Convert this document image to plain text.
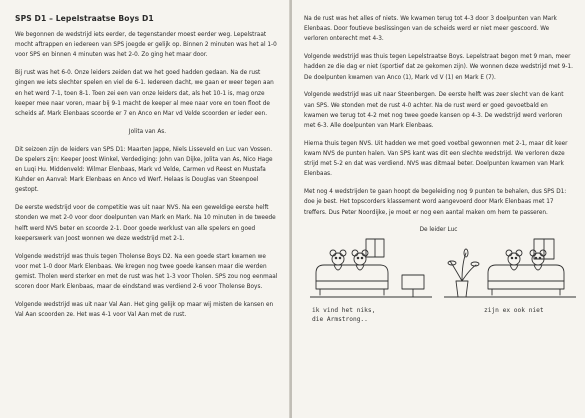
SPS D1 – Lepelstraatse Boys D1

We begonnen de wedstrijd iets eerder, de tegenstander moest eerder weg. Lepelstraat mocht aftrappen en iedereen van SPS joegde er gelijk op. Binnen 2 minuten was het al 1-0 voor SPS en binnen 4 minuten was het 2-0. Zo ging het maar door.

Bij rust was het 6-0. Onze leiders zeiden dat we het goed hadden gedaan. Na de rust gingen we iets slechter spelen en viel de 6-1. Iedereen dacht, we gaan er weer tegen aan en het werd 7-1, toen 8-1. Toen zei een van onze leiders dat, als het 10-1 is, mag onze keeper mee naar voren, maar bij 9-1 macht de keeper al mee naar vore en toen floot de scheids af. Mark Elenbaas scoorde er 7 en Anco en Mar vd Velde scoorden er ieder een.

Jolita van As.

Dit seizoen zijn de leiders van SPS D1: Maarten Jappe, Niels Lisseveld en Luc van Vossen. De spelers zijn: Keeper Joost Winkel, Verdediging: John van Dijke, Jolita van As, Nico Hage en Luqi Hu. Middenveld: Wilmar Elenbaas, Mark vd Velde, Carmen vd Reest en Mustafa Kuhder en Aanval: Mark Elenbaas en Anco vd Werf. Helaas is Douglas van Steenpoel gestopt.

De eerste wedstrijd voor de competitie was uit naar NVS. Na een geweldige eerste helft stonden we met 2-0 voor door doelpunten van Mark en Mark. Na 10 minuten in de tweede helft werd NVS beter en scoorde 2-1. Door goede werklust van alle spelers en goed keeperswerk van Joost wonnen we deze wedstrijd met 2-1.

Volgende wedstrijd was thuis tegen Tholense Boys D2. Na een goede start kwamen we voor met 1-0 door Mark Elenbaas. We kregen nog twee goede kansen maar die werden gemist. Tholen werd sterker en met de rust was het 1-3 voor Tholen. SPS zou nog eenmaal scoren door Mark Elenbaas, maar de eindstand was verdiend 2-6 voor Tholense Boys.

Volgende wedstrijd was uit naar Val Aan. Het ging gelijk op maar wij misten de kansen en Val Aan scoorden ze. Het was 4-1 voor Val Aan met de rust.

Na de rust was het alles of niets. We kwamen terug tot 4-3 door 3 doelpunten van Mark Elenbaas. Door foutieve beslissingen van de scheids werd er niet meer gescoord. We verloren onterecht met 4-3.

Volgende wedstrijd was thuis tegen Lepelstraatse Boys. Lepelstraat begon met 9 man, meer hadden ze die dag er niet (sportief dat ze gekomen zijn). We wonnen deze wedstrijd met 9-1. De doelpunten kwamen van Anco (1), Mark vd V (1) en Mark E (7).

Volgende wedstrijd was uit naar Steenbergen. De eerste helft was zeer slecht van de kant van SPS. We stonden met de rust 4-0 achter. Na de rust werd er goed gevoetbald en kwamen we terug tot 4-2 met nog twee goede kansen op 4-3. De wedstrijd werd verloren met 6-3. Alle doelpunten van Mark Elenbaas.

Hierna thuis tegen NVS. Uit hadden we met goed voetbal gewonnen met 2-1, maar dit keer kwam NVS de punten halen. Van SPS kant was dit een slechte wedstrijd. We verloren deze strijd met 5-2 en dat was verdiend. NVS was ditmaal beter. Doelpunten kwamen van Mark Elenbaas.

Met nog 4 wedstrijden te gaan hoopt de begeleiding nog 9 punten te behalen, dus SPS D1: doe je best. Het topscorders klassement word aangevoerd door Mark Elenbaas met 17 treffers. Dus Peter Noordijke, je moet er nog een aantal maken om hem te passeren.

De leider Luc
ik vind het niks,
die Armstrong..
zijn ex ook niet
